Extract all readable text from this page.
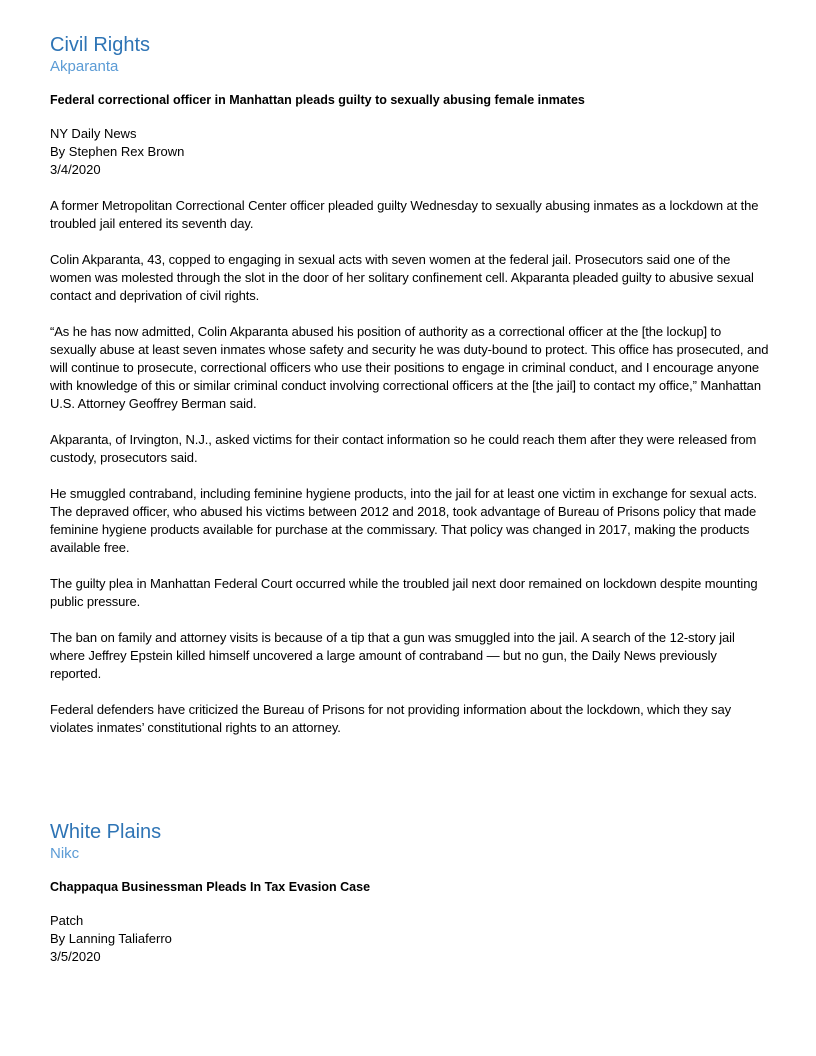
Civil Rights
Akparanta
Federal correctional officer in Manhattan pleads guilty to sexually abusing female inmates
NY Daily News
By Stephen Rex Brown
3/4/2020

A former Metropolitan Correctional Center officer pleaded guilty Wednesday to sexually abusing inmates as a lockdown at the troubled jail entered its seventh day.

Colin Akparanta, 43, copped to engaging in sexual acts with seven women at the federal jail. Prosecutors said one of the women was molested through the slot in the door of her solitary confinement cell. Akparanta pleaded guilty to abusive sexual contact and deprivation of civil rights.

“As he has now admitted, Colin Akparanta abused his position of authority as a correctional officer at the [the lockup] to sexually abuse at least seven inmates whose safety and security he was duty-bound to protect. This office has prosecuted, and will continue to prosecute, correctional officers who use their positions to engage in criminal conduct, and I encourage anyone with knowledge of this or similar criminal conduct involving correctional officers at the [the jail] to contact my office,” Manhattan U.S. Attorney Geoffrey Berman said.

Akparanta, of Irvington, N.J., asked victims for their contact information so he could reach them after they were released from custody, prosecutors said.

He smuggled contraband, including feminine hygiene products, into the jail for at least one victim in exchange for sexual acts. The depraved officer, who abused his victims between 2012 and 2018, took advantage of Bureau of Prisons policy that made feminine hygiene products available for purchase at the commissary. That policy was changed in 2017, making the products available free.

The guilty plea in Manhattan Federal Court occurred while the troubled jail next door remained on lockdown despite mounting public pressure.

The ban on family and attorney visits is because of a tip that a gun was smuggled into the jail. A search of the 12-story jail where Jeffrey Epstein killed himself uncovered a large amount of contraband — but no gun, the Daily News previously reported.

Federal defenders have criticized the Bureau of Prisons for not providing information about the lockdown, which they say violates inmates’ constitutional rights to an attorney.

White Plains
Nikc
Chappaqua Businessman Pleads In Tax Evasion Case
Patch
By Lanning Taliaferro
3/5/2020
